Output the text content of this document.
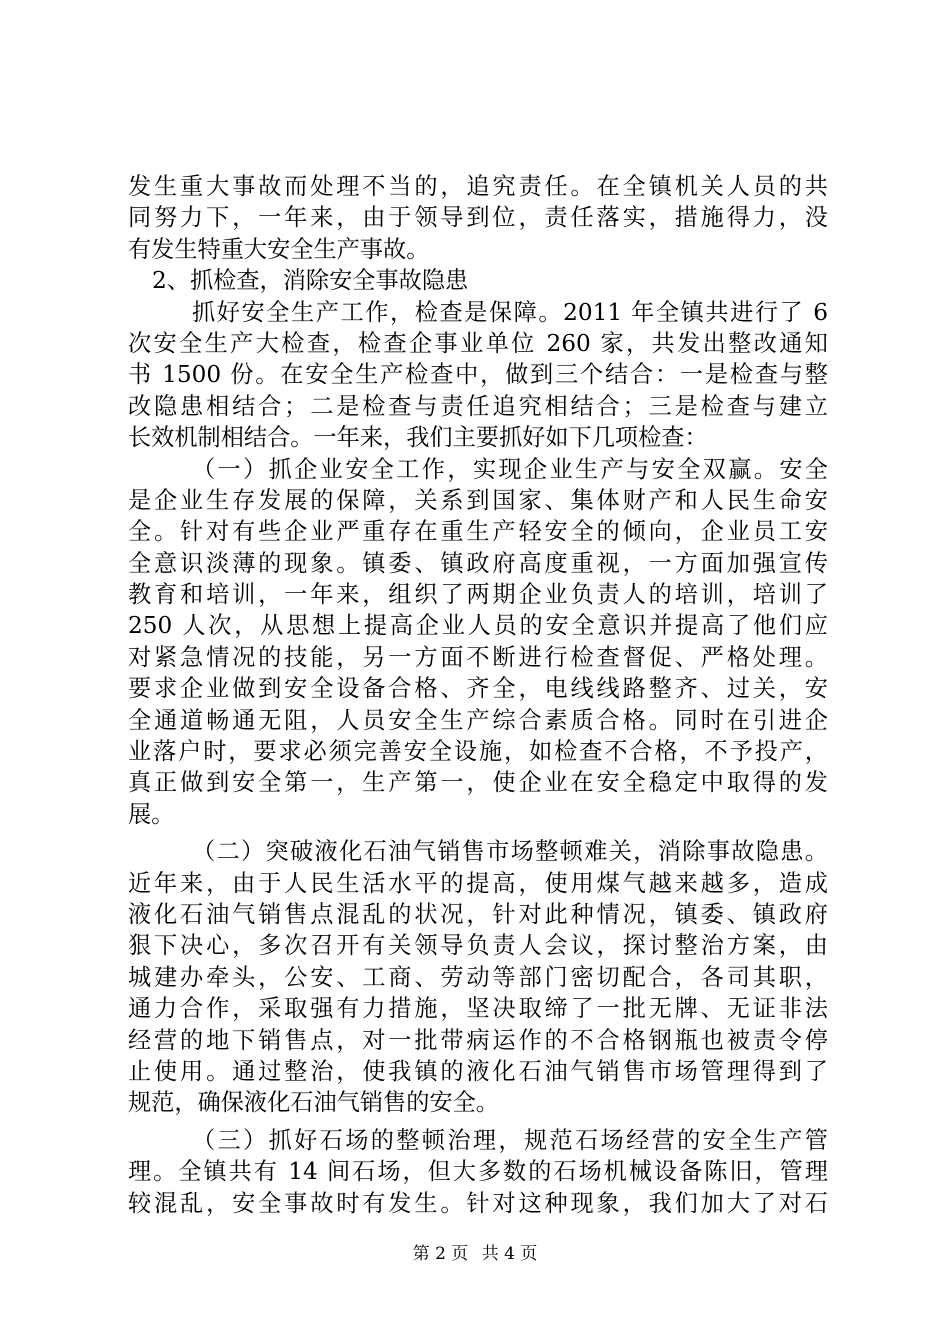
发生重大事故而处理不当的，追究责任。在全镇机关人员的共
同努力下，一年来，由于领导到位，责任落实，措施得力，没
有发生特重大安全生产事故。
2、抓检查，消除安全事故隐患
抓好安全生产工作，检查是保障。2011 年全镇共进行了 6
次安全生产大检查，检查企事业单位 260 家，共发出整改通知
书 1500 份。在安全生产检查中，做到三个结合：一是检查与整
改隐患相结合；二是检查与责任追究相结合；三是检查与建立
长效机制相结合。一年来，我们主要抓好如下几项检查：
（一）抓企业安全工作，实现企业生产与安全双赢。安全
是企业生存发展的保障，关系到国家、集体财产和人民生命安
全。针对有些企业严重存在重生产轻安全的倾向，企业员工安
全意识淡薄的现象。镇委、镇政府高度重视，一方面加强宣传
教育和培训，一年来，组织了两期企业负责人的培训，培训了
250 人次，从思想上提高企业人员的安全意识并提高了他们应
对紧急情况的技能，另一方面不断进行检查督促、严格处理。
要求企业做到安全设备合格、齐全，电线线路整齐、过关，安
全通道畅通无阻，人员安全生产综合素质合格。同时在引进企
业落户时，要求必须完善安全设施，如检查不合格，不予投产，
真正做到安全第一，生产第一，使企业在安全稳定中取得的发
展。
（二）突破液化石油气销售市场整顿难关，消除事故隐患。
近年来，由于人民生活水平的提高，使用煤气越来越多，造成
液化石油气销售点混乱的状况，针对此种情况，镇委、镇政府
狠下决心，多次召开有关领导负责人会议，探讨整治方案，由
城建办牵头，公安、工商、劳动等部门密切配合，各司其职，
通力合作，采取强有力措施，坚决取缔了一批无牌、无证非法
经营的地下销售点，对一批带病运作的不合格钢瓶也被责令停
止使用。通过整治，使我镇的液化石油气销售市场管理得到了
规范，确保液化石油气销售的安全。
（三）抓好石场的整顿治理，规范石场经营的安全生产管
理。全镇共有 14 间石场，但大多数的石场机械设备陈旧，管理
较混乱，安全事故时有发生。针对这种现象，我们加大了对石
第 2 页 共 4 页
